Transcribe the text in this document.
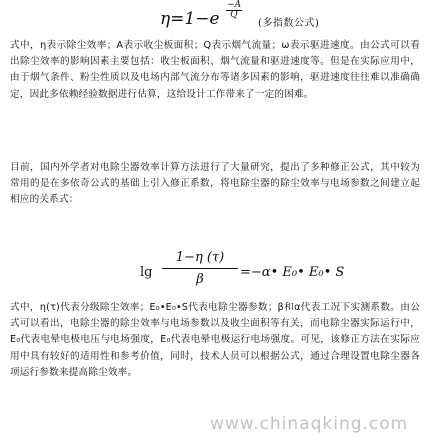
η=1−e
−A
Q
(多指数公式)
式中，η表示除尘效率；A表示收尘板面积；Q表示烟气流量；ω表示驱进速度。由公式可以看出除尘效率的影响因素主要包括：收尘板面积、烟气流量和驱进速度等。但是在实际应用中，由于烟气条件、粉尘性质以及电场内部气流分布等诸多因素的影响，驱进速度往往难以准确确定，因此多依赖经验数据进行估算，这给设计工作带来了一定的困难。
目前，国内外学者对电除尘器效率计算方法进行了大量研究，提出了多种修正公式，其中较为常用的是在多依奇公式的基础上引入修正系数，将电除尘器的除尘效率与电场参数之间建立起相应的关系式：
lg
1−η (τ)
β	=−α• E₀• E₀• S
式中，η(τ)代表分级除尘效率；E₀•E₀•S代表电除尘器参数；β和α代表工况下实测系数。由公式可以看出，电除尘器的除尘效率与电场参数以及收尘面积等有关，而电除尘器实际运行中，E₀代表电晕电极电压与电场强度，E₀代表电晕电极运行电场强度。可见，该修正方法在实际应用中具有较好的适用性和参考价值，同时，技术人员可以根据公式，通过合理设置电除尘器各项运行参数来提高除尘效率。
www.chinaqking.com
